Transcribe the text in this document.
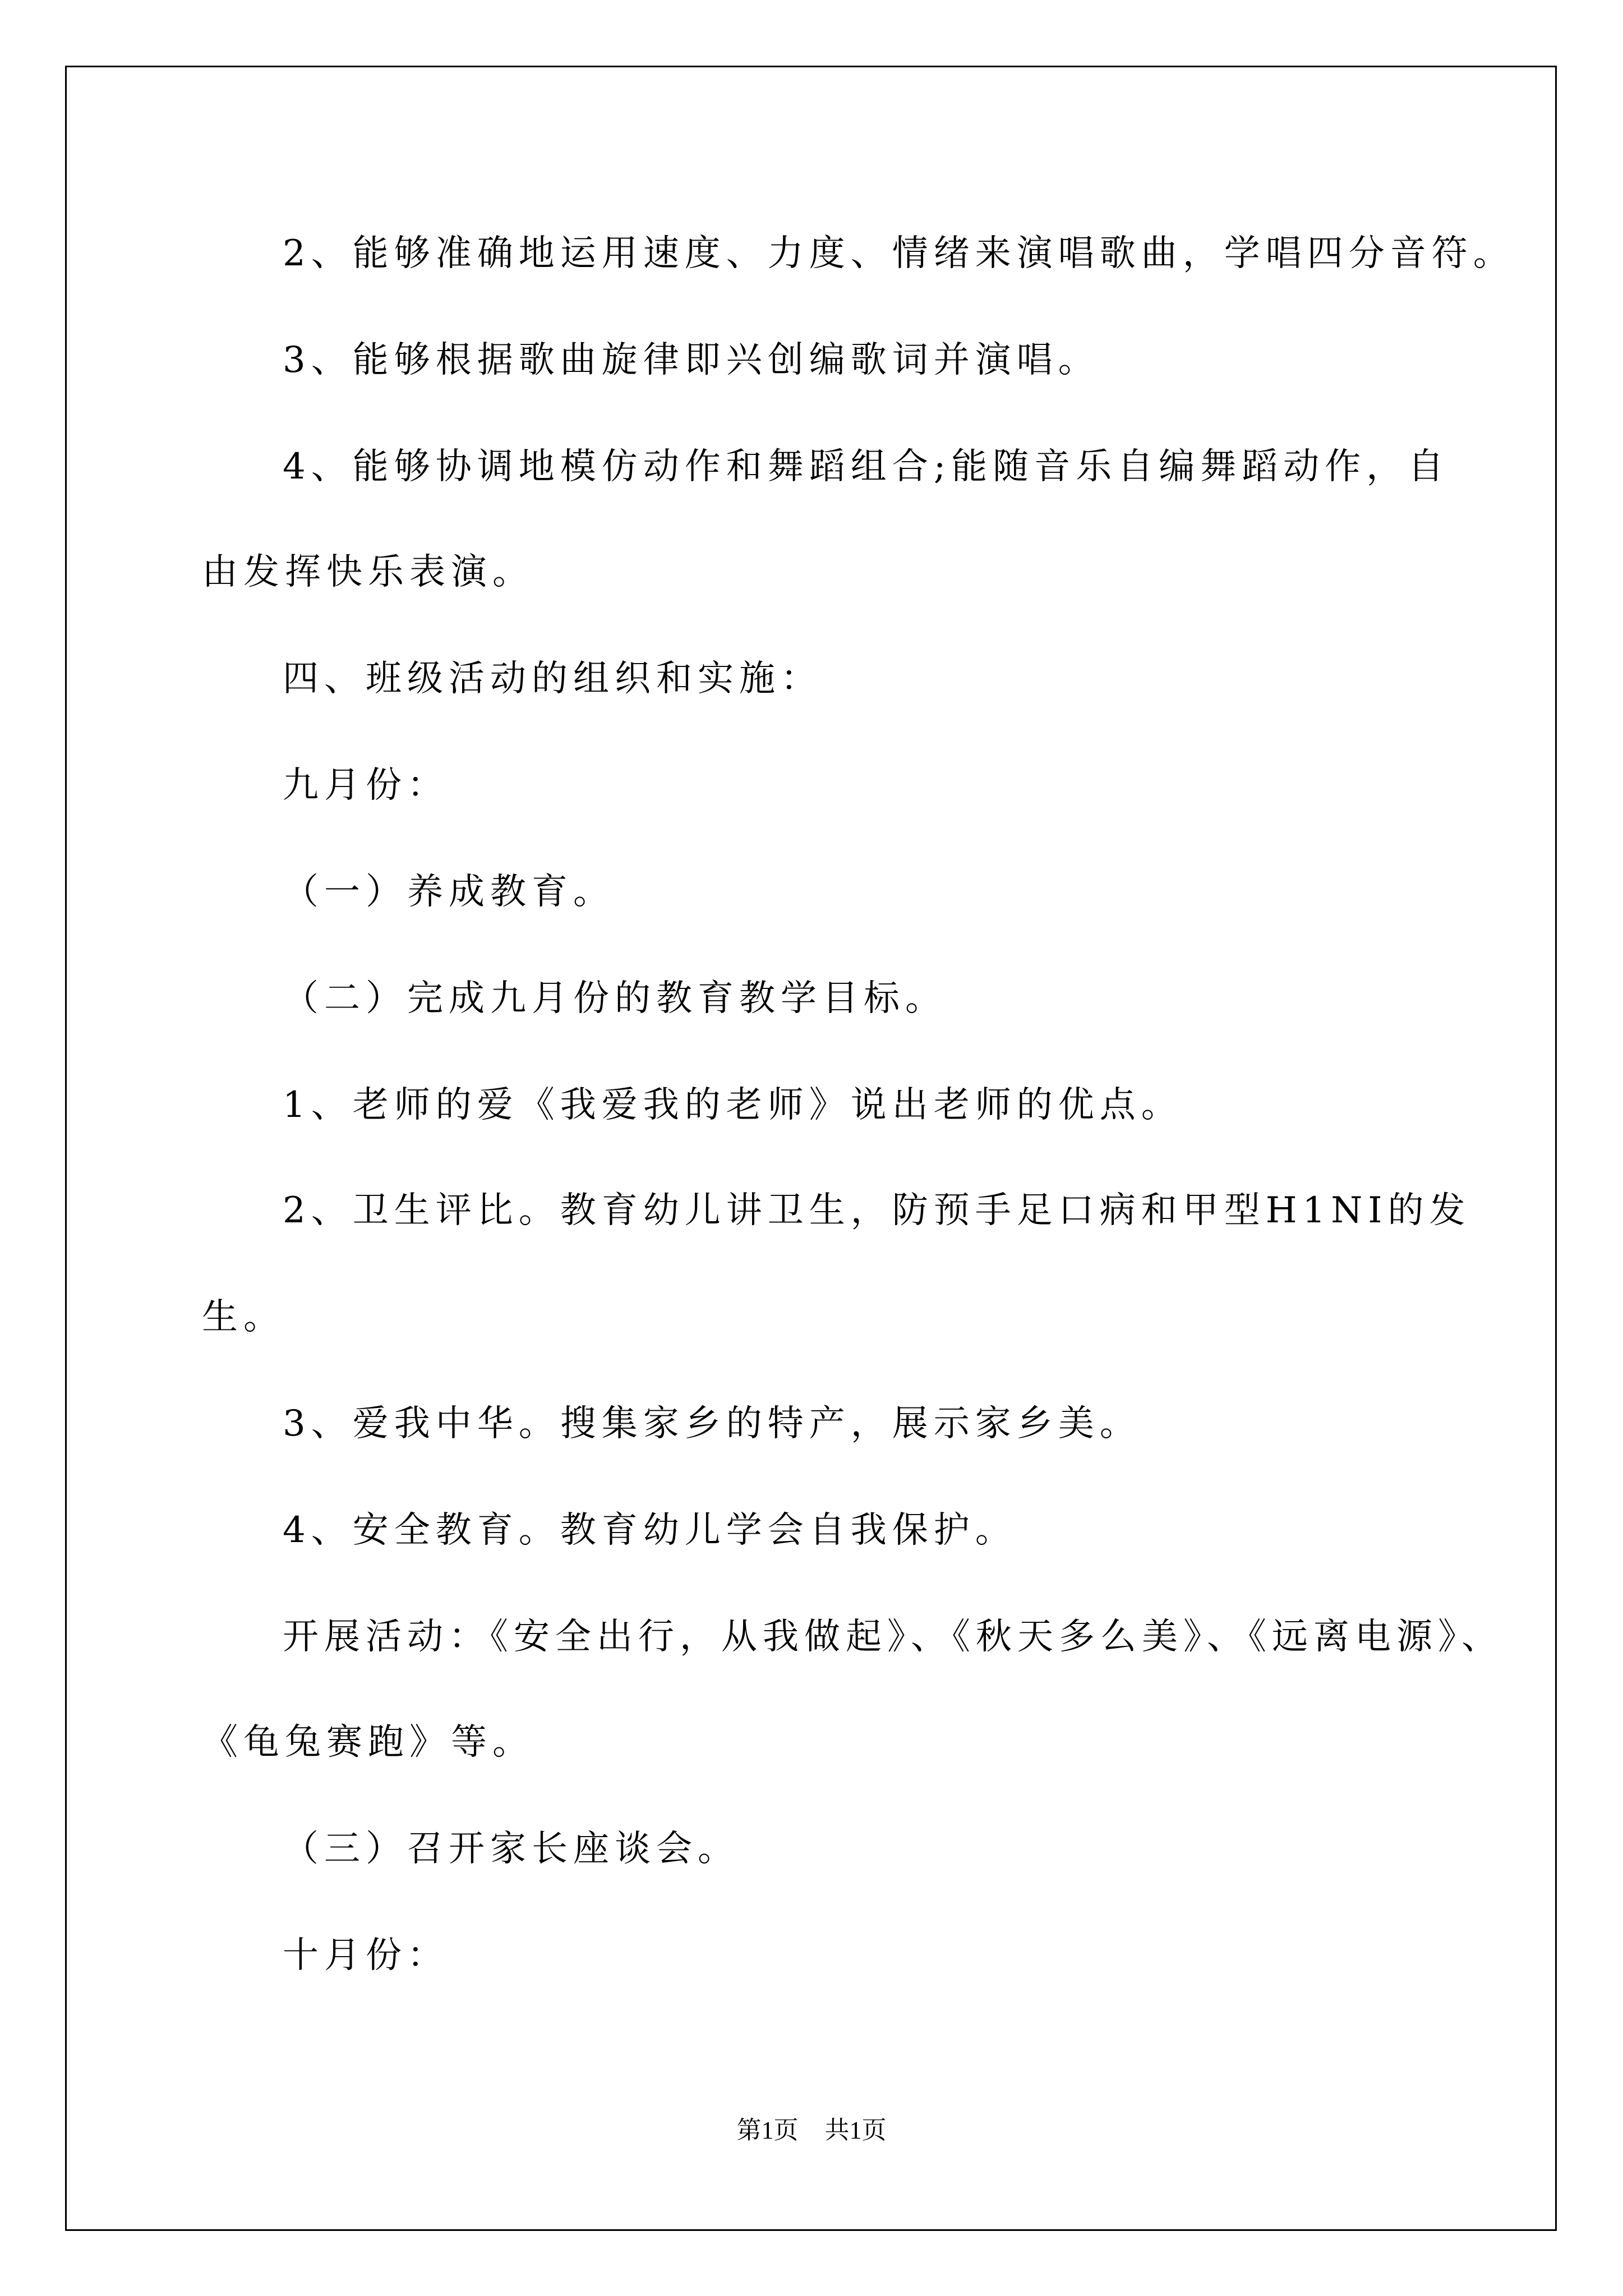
2、能够准确地运用速度、力度、情绪来演唱歌曲，学唱四分音符。
3、能够根据歌曲旋律即兴创编歌词并演唱。
4、能够协调地模仿动作和舞蹈组合;能随音乐自编舞蹈动作，自
由发挥快乐表演。
四、班级活动的组织和实施：
九月份：
（一）养成教育。
（二）完成九月份的教育教学目标。
1、老师的爱《我爱我的老师》说出老师的优点。
2、卫生评比。教育幼儿讲卫生，防预手足口病和甲型H1NI的发
生。
3、爱我中华。搜集家乡的特产，展示家乡美。
4、安全教育。教育幼儿学会自我保护。
开展活动：《安全出行，从我做起》、《秋天多么美》、《远离电源》、
《龟兔赛跑》等。
（三）召开家长座谈会。
十月份：
第1页 共1页
